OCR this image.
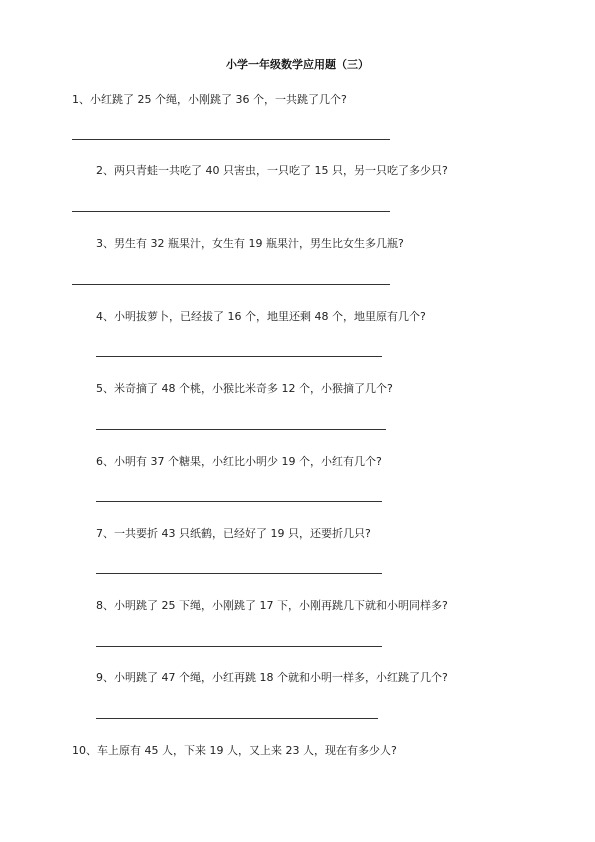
小学一年级数学应用题（三）
1、小红跳了 25 个绳，小刚跳了 36 个，一共跳了几个?
2、两只青蛙一共吃了 40 只害虫，一只吃了 15 只，另一只吃了多少只?
3、男生有 32 瓶果汁，女生有 19 瓶果汁，男生比女生多几瓶?
4、小明拔萝卜，已经拔了 16 个，地里还剩 48 个，地里原有几个?
5、米奇摘了 48 个桃，小猴比米奇多 12 个，小猴摘了几个?
6、小明有 37 个糖果，小红比小明少 19 个，小红有几个?
7、一共要折 43 只纸鹤，已经好了 19 只，还要折几只?
8、小明跳了 25 下绳，小刚跳了 17 下，小刚再跳几下就和小明同样多?
9、小明跳了 47 个绳，小红再跳 18 个就和小明一样多，小红跳了几个?
10、车上原有 45 人，下来 19 人，又上来 23 人，现在有多少人?
